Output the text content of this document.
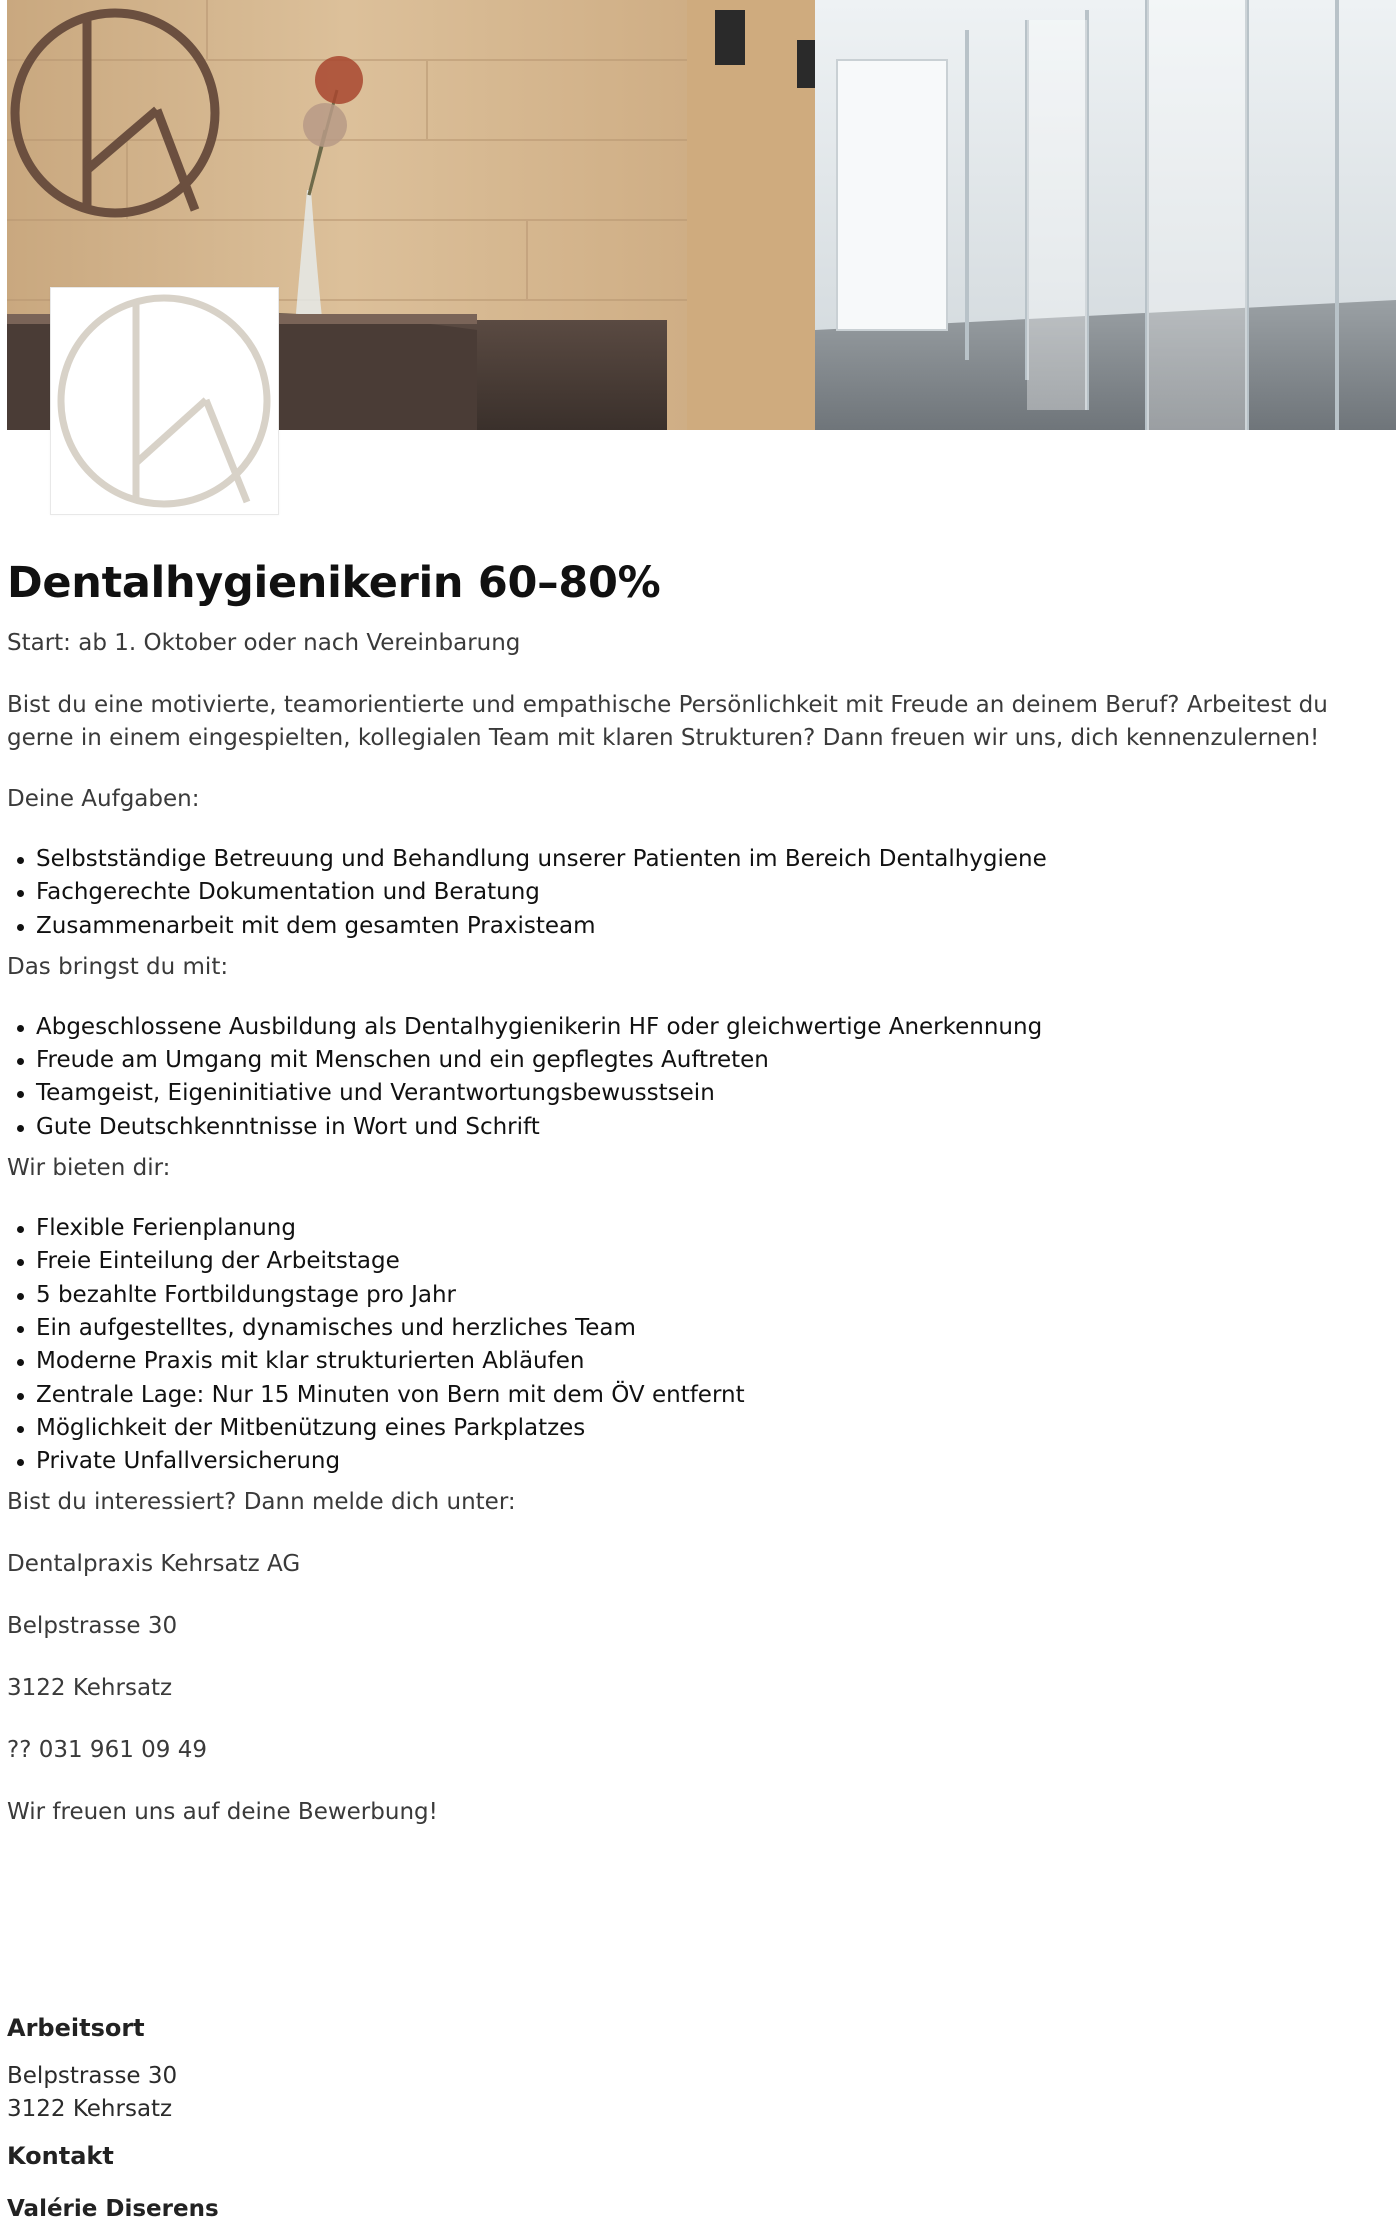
Dentalhygienikerin 60–80%

Start: ab 1. Oktober oder nach Vereinbarung

Bist du eine motivierte, teamorientierte und empathische Persönlichkeit mit Freude an deinem Beruf? Arbeitest du gerne in einem eingespielten, kollegialen Team mit klaren Strukturen? Dann freuen wir uns, dich kennenzulernen!

Deine Aufgaben:

Selbstständige Betreuung und Behandlung unserer Patienten im Bereich Dentalhygiene
Fachgerechte Dokumentation und Beratung
Zusammenarbeit mit dem gesamten Praxisteam

Das bringst du mit:

Abgeschlossene Ausbildung als Dentalhygienikerin HF oder gleichwertige Anerkennung
Freude am Umgang mit Menschen und ein gepflegtes Auftreten
Teamgeist, Eigeninitiative und Verantwortungsbewusstsein
Gute Deutschkenntnisse in Wort und Schrift

Wir bieten dir:

Flexible Ferienplanung
Freie Einteilung der Arbeitstage
5 bezahlte Fortbildungstage pro Jahr
Ein aufgestelltes, dynamisches und herzliches Team
Moderne Praxis mit klar strukturierten Abläufen
Zentrale Lage: Nur 15 Minuten von Bern mit dem ÖV entfernt
Möglichkeit der Mitbenützung eines Parkplatzes
Private Unfallversicherung

Bist du interessiert? Dann melde dich unter:

Dentalpraxis Kehrsatz AG

Belpstrasse 30

3122 Kehrsatz

?? 031 961 09 49

Wir freuen uns auf deine Bewerbung!

Arbeitsort
Belpstrasse 30
3122 Kehrsatz
Kontakt
Valérie Diserens
